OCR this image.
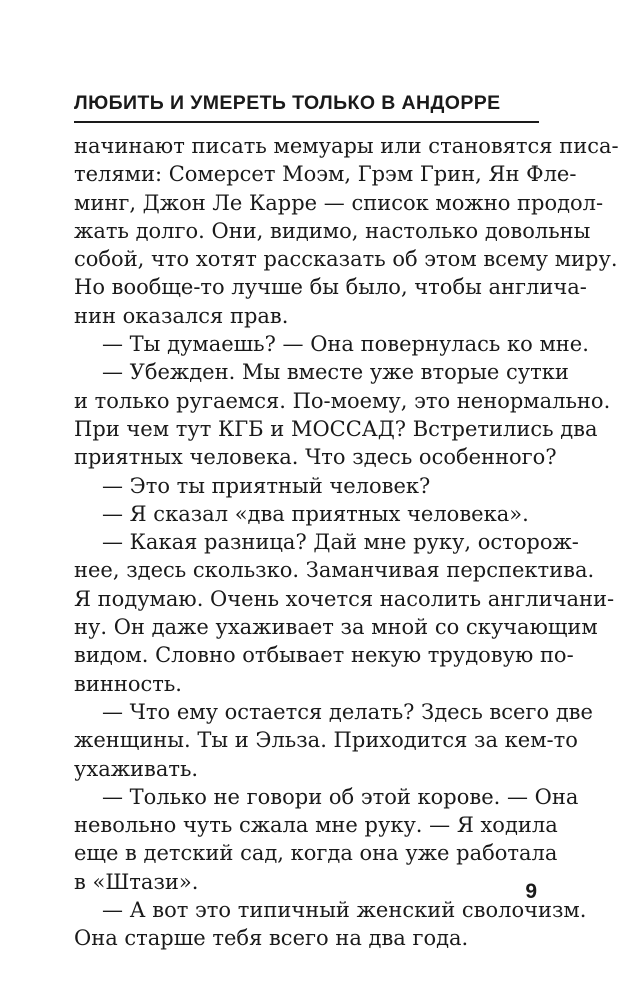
ЛЮБИТЬ И УМЕРЕТЬ ТОЛЬКО В АНДОРРЕ
начинают писать мемуары или становятся писа-
телями: Сомерсет Моэм, Грэм Грин, Ян Флe-
минг, Джон Ле Карре — список можно продол-
жать долго. Они, видимо, настолько довольны
собой, что хотят рассказать об этом всему миру.
Но вообще-то лучше бы было, чтобы англича-
нин оказался прав.
— Ты думаешь? — Она повернулась ко мне.
— Убежден. Мы вместе уже вторые сутки
и только ругаемся. По-моему, это ненормально.
При чем тут КГБ и МОССАД? Встретились два
приятных человека. Что здесь особенного?
— Это ты приятный человек?
— Я сказал «два приятных человека».
— Какая разница? Дай мне руку, осторож-
нее, здесь скользко. Заманчивая перспектива.
Я подумаю. Очень хочется насолить англичани-
ну. Он даже ухаживает за мной со скучающим
видом. Словно отбывает некую трудовую по-
винность.
— Что ему остается делать? Здесь всего две
женщины. Ты и Эльза. Приходится за кем-то
ухаживать.
— Только не говори об этой корове. — Она
невольно чуть сжала мне руку. — Я ходила
еще в детский сад, когда она уже работала
в «Штази».
— А вот это типичный женский сволочизм.
Она старше тебя всего на два года.
9
